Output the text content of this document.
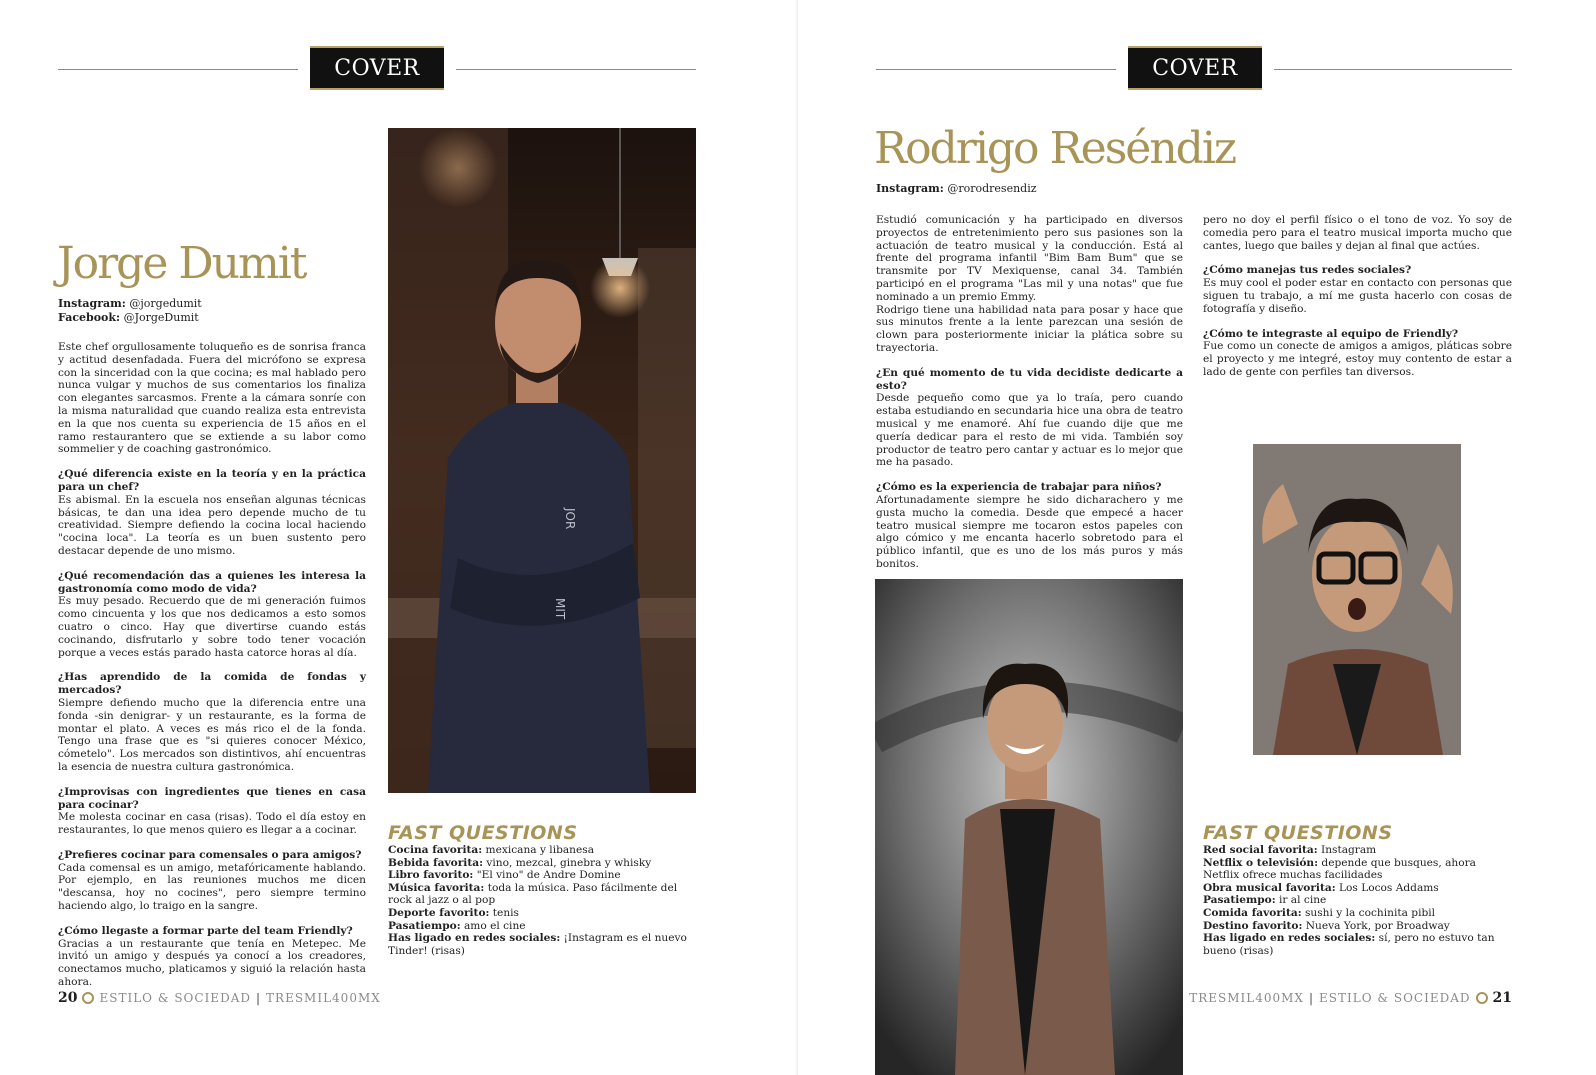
COVER
Jorge Dumit
Instagram: @jorgedumit
Facebook: @JorgeDumit

Este chef orgullosamente toluqueño es de sonrisa franca y actitud desenfadada. Fuera del micrófono se expresa con la sinceridad con la que cocina; es mal hablado pero nunca vulgar y muchos de sus comentarios los finaliza con elegantes sarcasmos. Frente a la cámara sonríe con la misma naturalidad que cuando realiza esta entrevista en la que nos cuenta su experiencia de 15 años en el ramo restaurantero que se extiende a su labor como sommelier y de coaching gastronómico.

¿Qué diferencia existe en la teoría y en la práctica para un chef?

Es abismal. En la escuela nos enseñan algunas técnicas básicas, te dan una idea pero depende mucho de tu creatividad. Siempre defiendo la cocina local haciendo "cocina loca". La teoría es un buen sustento pero destacar depende de uno mismo.

¿Qué recomendación das a quienes les interesa la gastronomía como modo de vida?

Es muy pesado. Recuerdo que de mi generación fuimos como cincuenta y los que nos dedicamos a esto somos cuatro o cinco. Hay que divertirse cuando estás cocinando, disfrutarlo y sobre todo tener vocación porque a veces estás parado hasta catorce horas al día.

¿Has aprendido de la comida de fondas y mercados?

Siempre defiendo mucho que la diferencia entre una fonda -sin denigrar- y un restaurante, es la forma de montar el plato. A veces es más rico el de la fonda. Tengo una frase que es "si quieres conocer México, cómetelo". Los mercados son distintivos, ahí encuentras la esencia de nuestra cultura gastronómica.

¿Improvisas con ingredientes que tienes en casa para cocinar?

Me molesta cocinar en casa (risas). Todo el día estoy en restaurantes, lo que menos quiero es llegar a a cocinar.

¿Prefieres cocinar para comensales o para amigos?

Cada comensal es un amigo, metafóricamente hablando. Por ejemplo, en las reuniones muchos me dicen "descansa, hoy no cocines", pero siempre termino haciendo algo, lo traigo en la sangre.

¿Cómo llegaste a formar parte del team Friendly?

Gracias a un restaurante que tenía en Metepec. Me invitó un amigo y después ya conocí a los creadores, conectamos mucho, platicamos y siguió la relación hasta ahora.

JOR
MIT
FAST QUESTIONS
Cocina favorita: mexicana y libanesa
Bebida favorita: vino, mezcal, ginebra y whisky
Libro favorito: "El vino" de Andre Domine
Música favorita: toda la música. Paso fácilmente del rock al jazz o al pop
Deporte favorito: tenis
Pasatiempo: amo el cine
Has ligado en redes sociales: ¡Instagram es el nuevo Tinder! (risas)
20 ESTILO & SOCIEDAD | TRESMIL400MX
COVER
Rodrigo Reséndiz
Instagram: @rorodresendiz

Estudió comunicación y ha participado en diversos proyectos de entretenimiento pero sus pasiones son la actuación de teatro musical y la conducción. Está al frente del programa infantil "Bim Bam Bum" que se transmite por TV Mexiquense, canal 34. También participó en el programa "Las mil y una notas" que fue nominado a un premio Emmy.

Rodrigo tiene una habilidad nata para posar y hace que sus minutos frente a la lente parezcan una sesión de clown para posteriormente iniciar la plática sobre su trayectoria.

¿En qué momento de tu vida decidiste dedicarte a esto?

Desde pequeño como que ya lo traía, pero cuando estaba estudiando en secundaria hice una obra de teatro musical y me enamoré. Ahí fue cuando dije que me quería dedicar para el resto de mi vida. También soy productor de teatro pero cantar y actuar es lo mejor que me ha pasado.

¿Cómo es la experiencia de trabajar para niños?

Afortunadamente siempre he sido dicharachero y me gusta mucho la comedia. Desde que empecé a hacer teatro musical siempre me tocaron estos papeles con algo cómico y me encanta hacerlo sobretodo para el público infantil, que es uno de los más puros y más bonitos.

pero no doy el perfil físico o el tono de voz. Yo soy de comedia pero para el teatro musical importa mucho que cantes, luego que bailes y dejan al final que actúes.

¿Cómo manejas tus redes sociales?

Es muy cool el poder estar en contacto con personas que siguen tu trabajo, a mí me gusta hacerlo con cosas de fotografía y diseño.

¿Cómo te integraste al equipo de Friendly?

Fue como un conecte de amigos a amigos, pláticas sobre el proyecto y me integré, estoy muy contento de estar a lado de gente con perfiles tan diversos.

FAST QUESTIONS
Red social favorita: Instagram
Netflix o televisión: depende que busques, ahora Netflix ofrece muchas facilidades
Obra musical favorita: Los Locos Addams
Pasatiempo: ir al cine
Comida favorita: sushi y la cochinita pibil
Destino favorito: Nueva York, por Broadway
Has ligado en redes sociales: sí, pero no estuvo tan bueno (risas)
TRESMIL400MX | ESTILO & SOCIEDAD 21
